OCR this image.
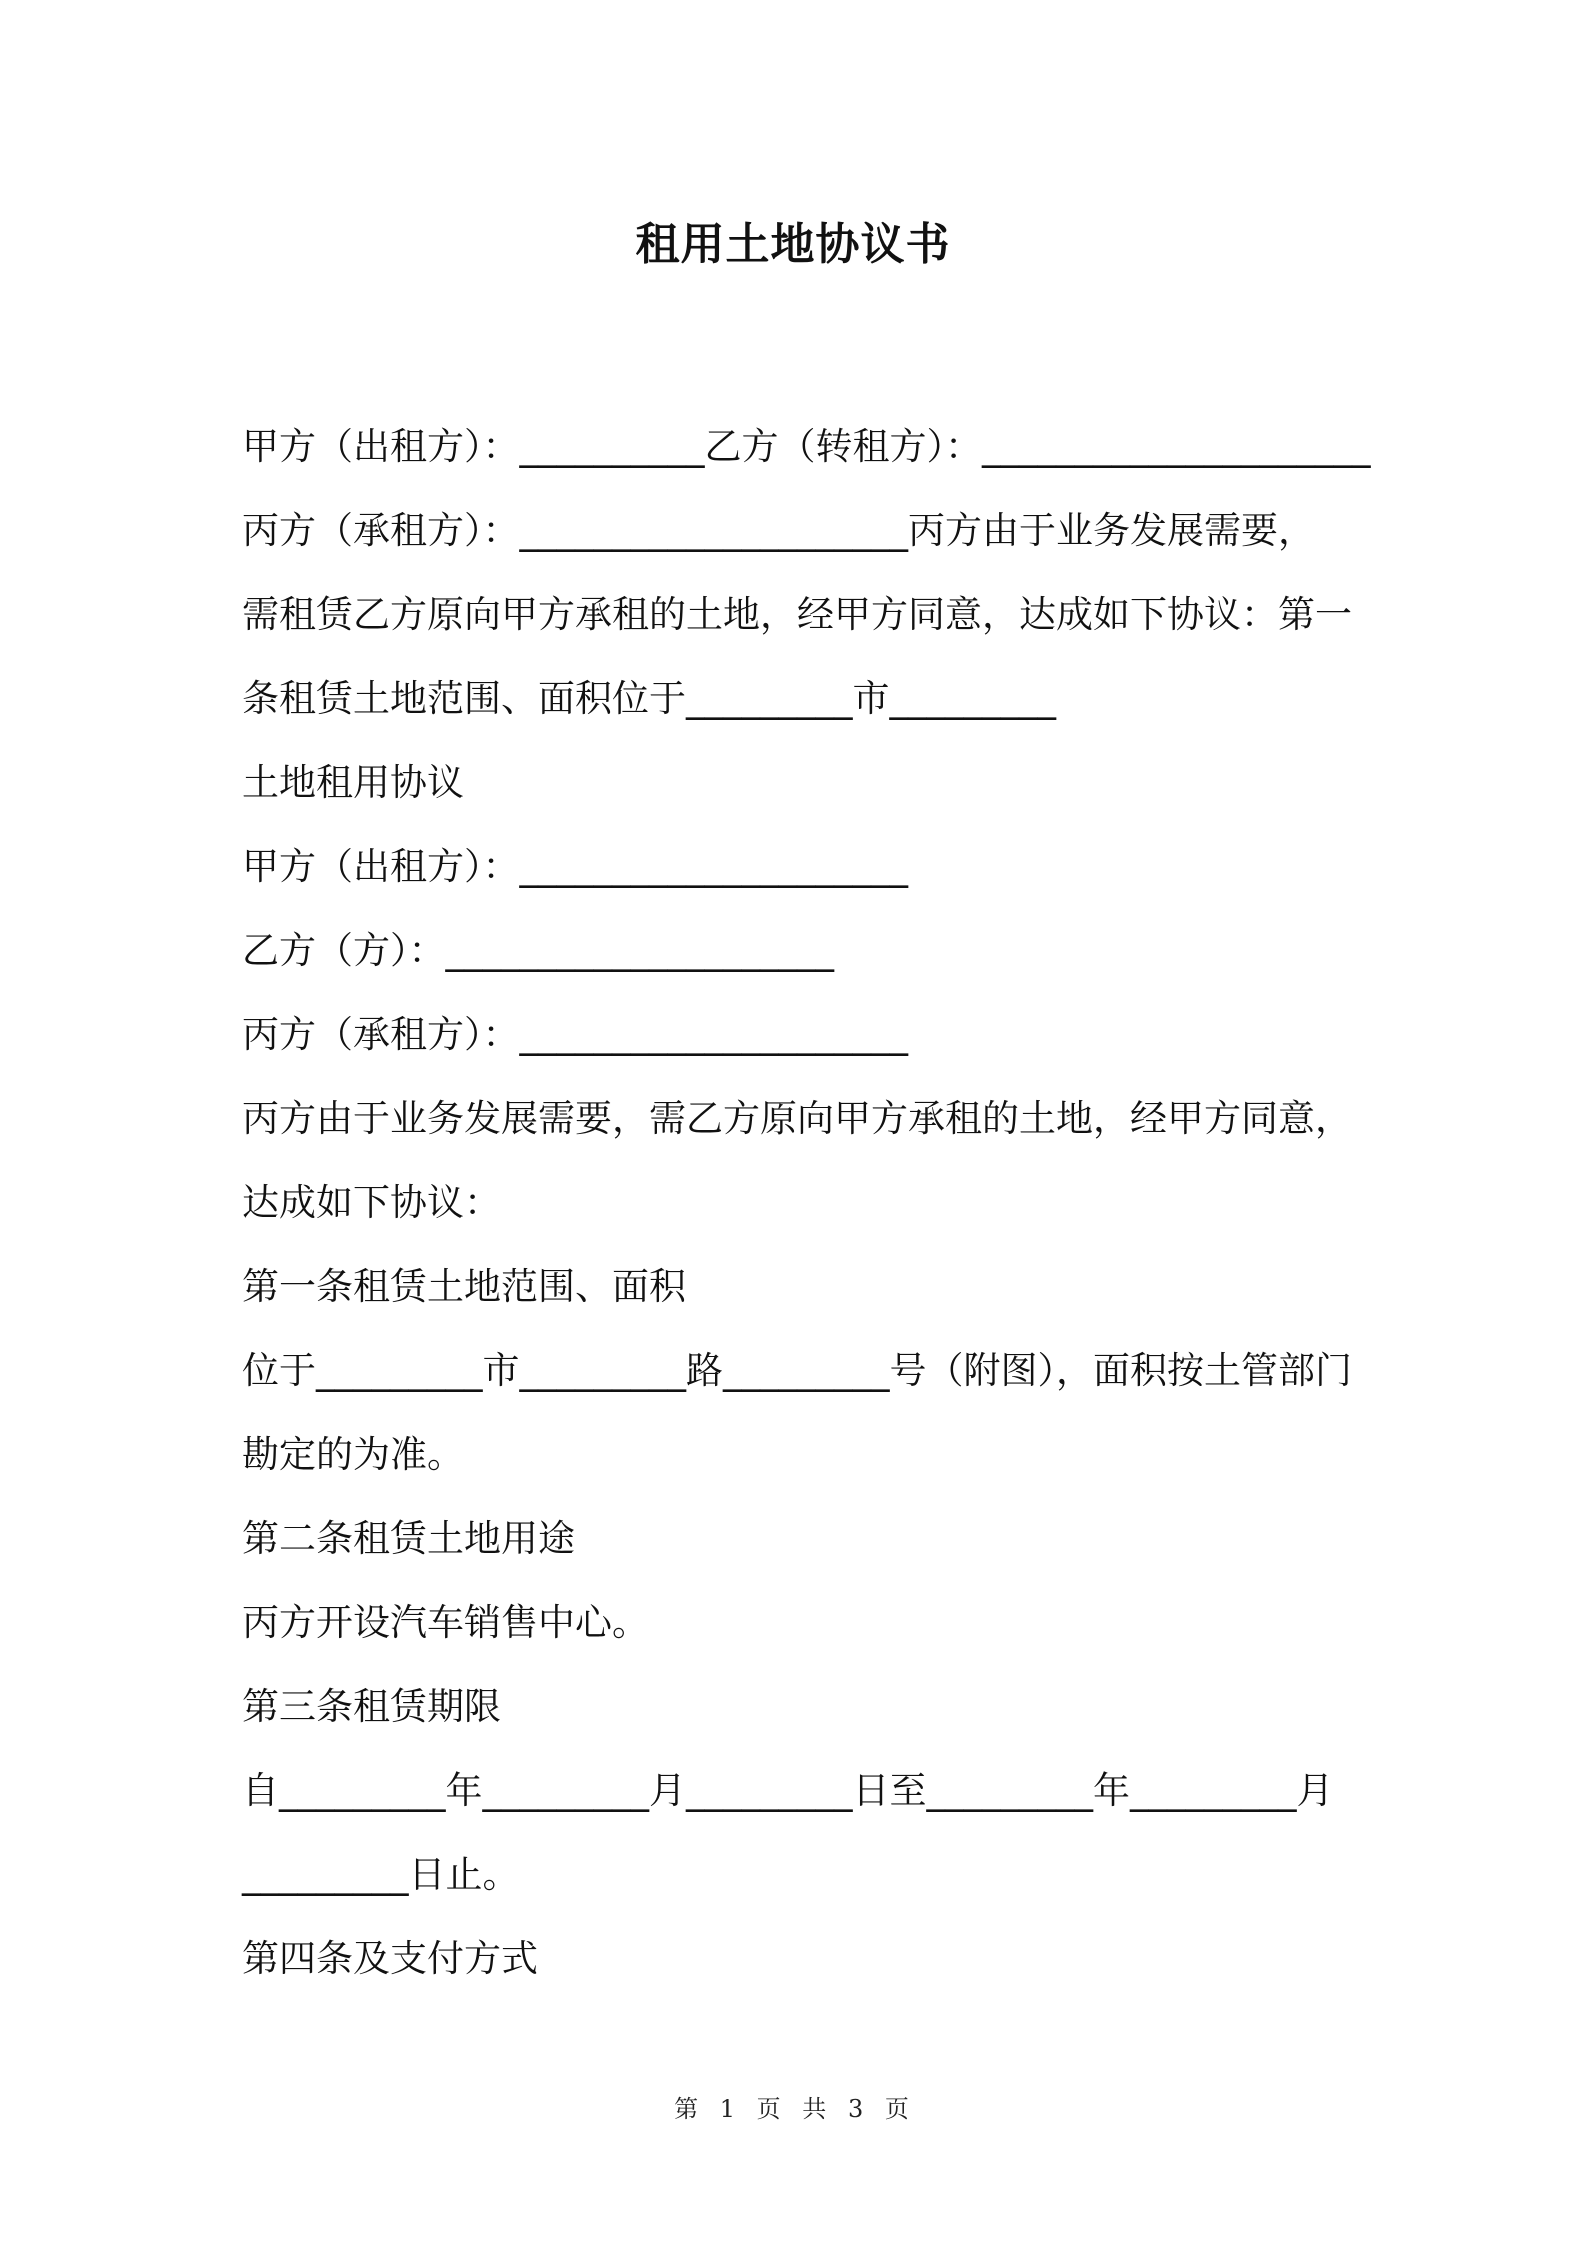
租用土地协议书
甲方（出租方）：__________乙方（转租方）：_____________________
丙方（承租方）：_____________________丙方由于业务发展需要，
需租赁乙方原向甲方承租的土地，经甲方同意，达成如下协议：第一
条租赁土地范围、面积位于_________市_________
土地租用协议
甲方（出租方）：_____________________
乙方（方）：_____________________
丙方（承租方）：_____________________
丙方由于业务发展需要，需乙方原向甲方承租的土地，经甲方同意，
达成如下协议：
第一条租赁土地范围、面积
位于_________市_________路_________号（附图），面积按土管部门
勘定的为准。
第二条租赁土地用途
丙方开设汽车销售中心。
第三条租赁期限
自_________年_________月_________日至_________年_________月
_________日止。
第四条及支付方式
第 1 页 共 3 页
